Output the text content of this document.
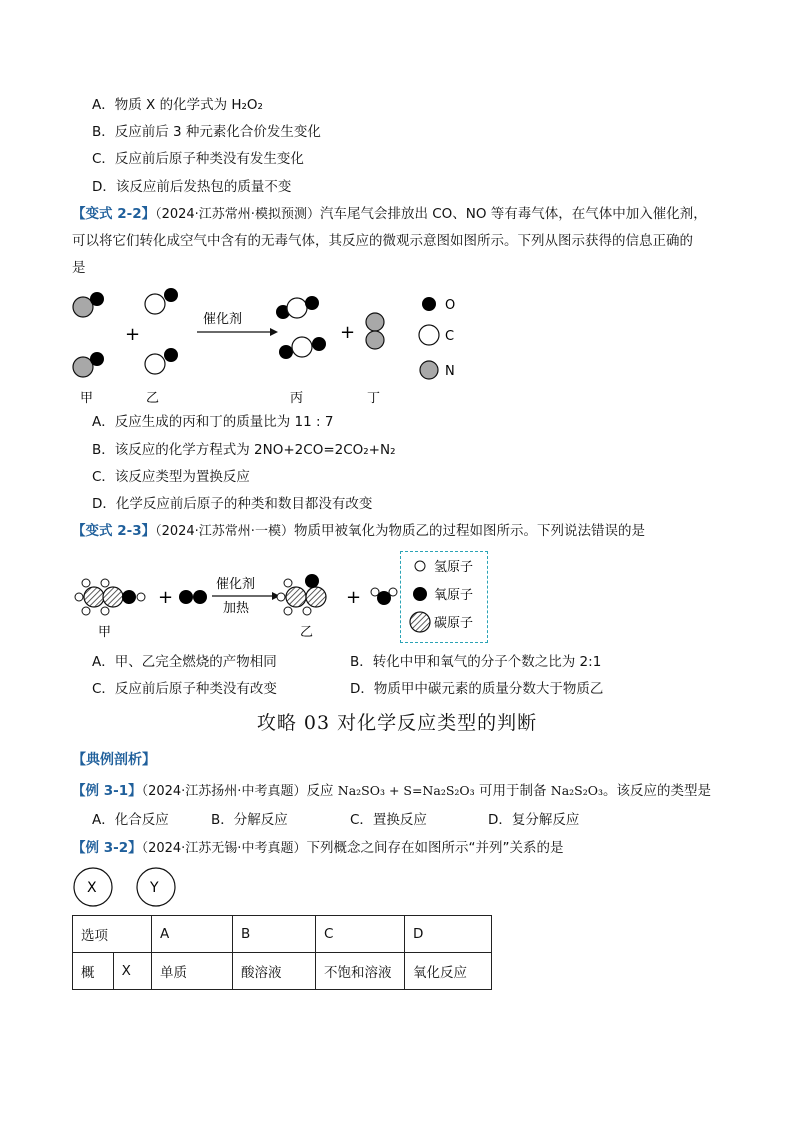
A．物质 X 的化学式为 H₂O₂
B．反应前后 3 种元素化合价发生变化
C．反应前后原子种类没有发生变化
D．该反应前后发热包的质量不变
【变式 2-2】（2024·江苏常州·模拟预测）汽车尾气会排放出 CO、NO 等有毒气体，在气体中加入催化剂，
可以将它们转化成空气中含有的无毒气体，其反应的微观示意图如图所示。下列从图示获得的信息正确的
是
+
催化剂
+
O
C
N
甲	乙	丙	丁
A．反应生成的丙和丁的质量比为 11 : 7
B．该反应的化学方程式为 2NO+2CO=2CO₂+N₂
C．该反应类型为置换反应
D．化学反应前后原子的种类和数目都没有改变
【变式 2-3】（2024·江苏常州·一模）物质甲被氧化为物质乙的过程如图所示。下列说法错误的是
+
催化剂
加热
+
甲	乙
氢原子
氧原子
碳原子
A．甲、乙完全燃烧的产物相同	B．转化中甲和氧气的分子个数之比为 2:1
C．反应前后原子种类没有改变	D．物质甲中碳元素的质量分数大于物质乙
攻略 03 对化学反应类型的判断
【典例剖析】
【例 3-1】（2024·江苏扬州·中考真题）反应 Na₂SO₃ + S=Na₂S₂O₃ 可用于制备 Na₂S₂O₃。该反应的类型是
A．化合反应	B．分解反应	C．置换反应	D．复分解反应
【例 3-2】（2024·江苏无锡·中考真题）下列概念之间存在如图所示“并列”关系的是
X	Y
选项		A	B	C	D
概	X	单质	酸溶液	不饱和溶液	氧化反应
